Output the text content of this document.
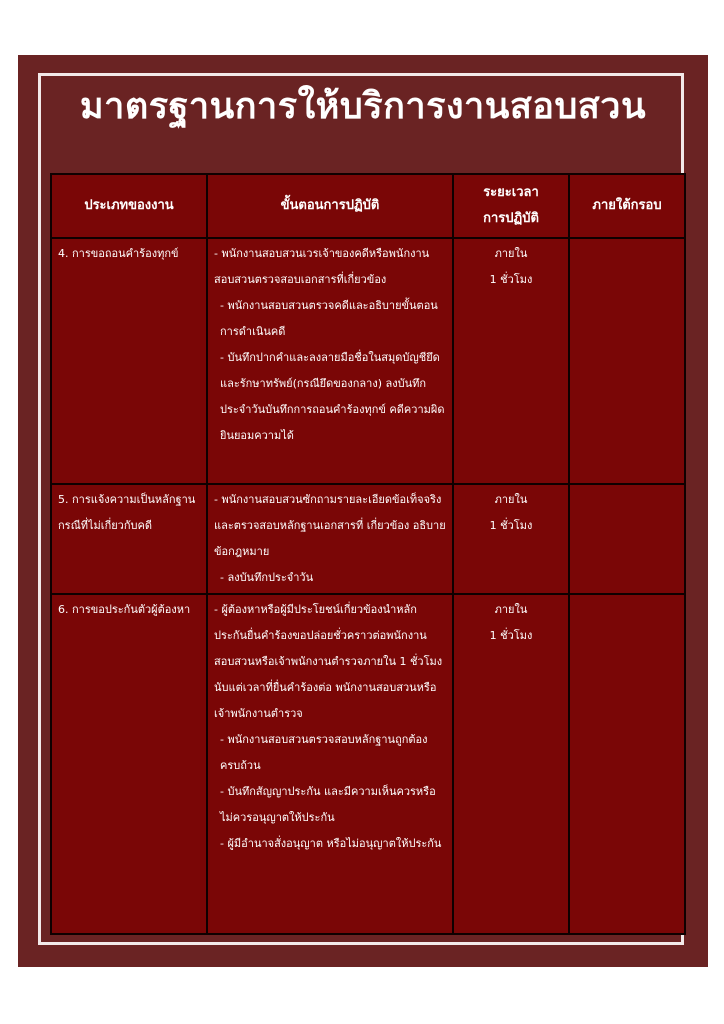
มาตรฐานการให้บริการงานสอบสวน
ประเภทของงาน	ขั้นตอนการปฏิบัติ	ระยะเวลา
การปฏิบัติ	ภายใต้กรอบ
4. การขอถอนคำร้องทุกข์	- พนักงานสอบสวนเวรเจ้าของคดีหรือพนักงานสอบสวนตรวจสอบเอกสารที่เกี่ยวข้อง
- พนักงานสอบสวนตรวจคดีและอธิบายขั้นตอนการดำเนินคดี
- บันทึกปากคำและลงลายมือชื่อในสมุดบัญชียึดและรักษาทรัพย์(กรณียึดของกลาง) ลงบันทึกประจำวันบันทึกการถอนคำร้องทุกข์ คดีความผิดยินยอมความได้	ภายใน
1 ชั่วโมง	

5. การแจ้งความเป็นหลักฐาน กรณีที่ไม่เกี่ยวกับคดี	- พนักงานสอบสวนซักถามรายละเอียดข้อเท็จจริง และตรวจสอบหลักฐานเอกสารที่ เกี่ยวข้อง อธิบายข้อกฎหมาย
- ลงบันทึกประจำวัน	ภายใน
1 ชั่วโมง	

6. การขอประกันตัวผู้ต้องหา	- ผู้ต้องหาหรือผู้มีประโยชน์เกี่ยวข้องนำหลักประกันยื่นคำร้องขอปล่อยชั่วคราวต่อพนักงานสอบสวนหรือเจ้าพนักงานตำรวจภายใน 1 ชั่วโมง นับแต่เวลาที่ยื่นคำร้องต่อ พนักงานสอบสวนหรือเจ้าพนักงานตำรวจ
- พนักงานสอบสวนตรวจสอบหลักฐานถูกต้องครบถ้วน
- บันทึกสัญญาประกัน และมีความเห็นควรหรือไม่ควรอนุญาตให้ประกัน
- ผู้มีอำนาจสั่งอนุญาต หรือไม่อนุญาตให้ประกัน	ภายใน
1 ชั่วโมง	
